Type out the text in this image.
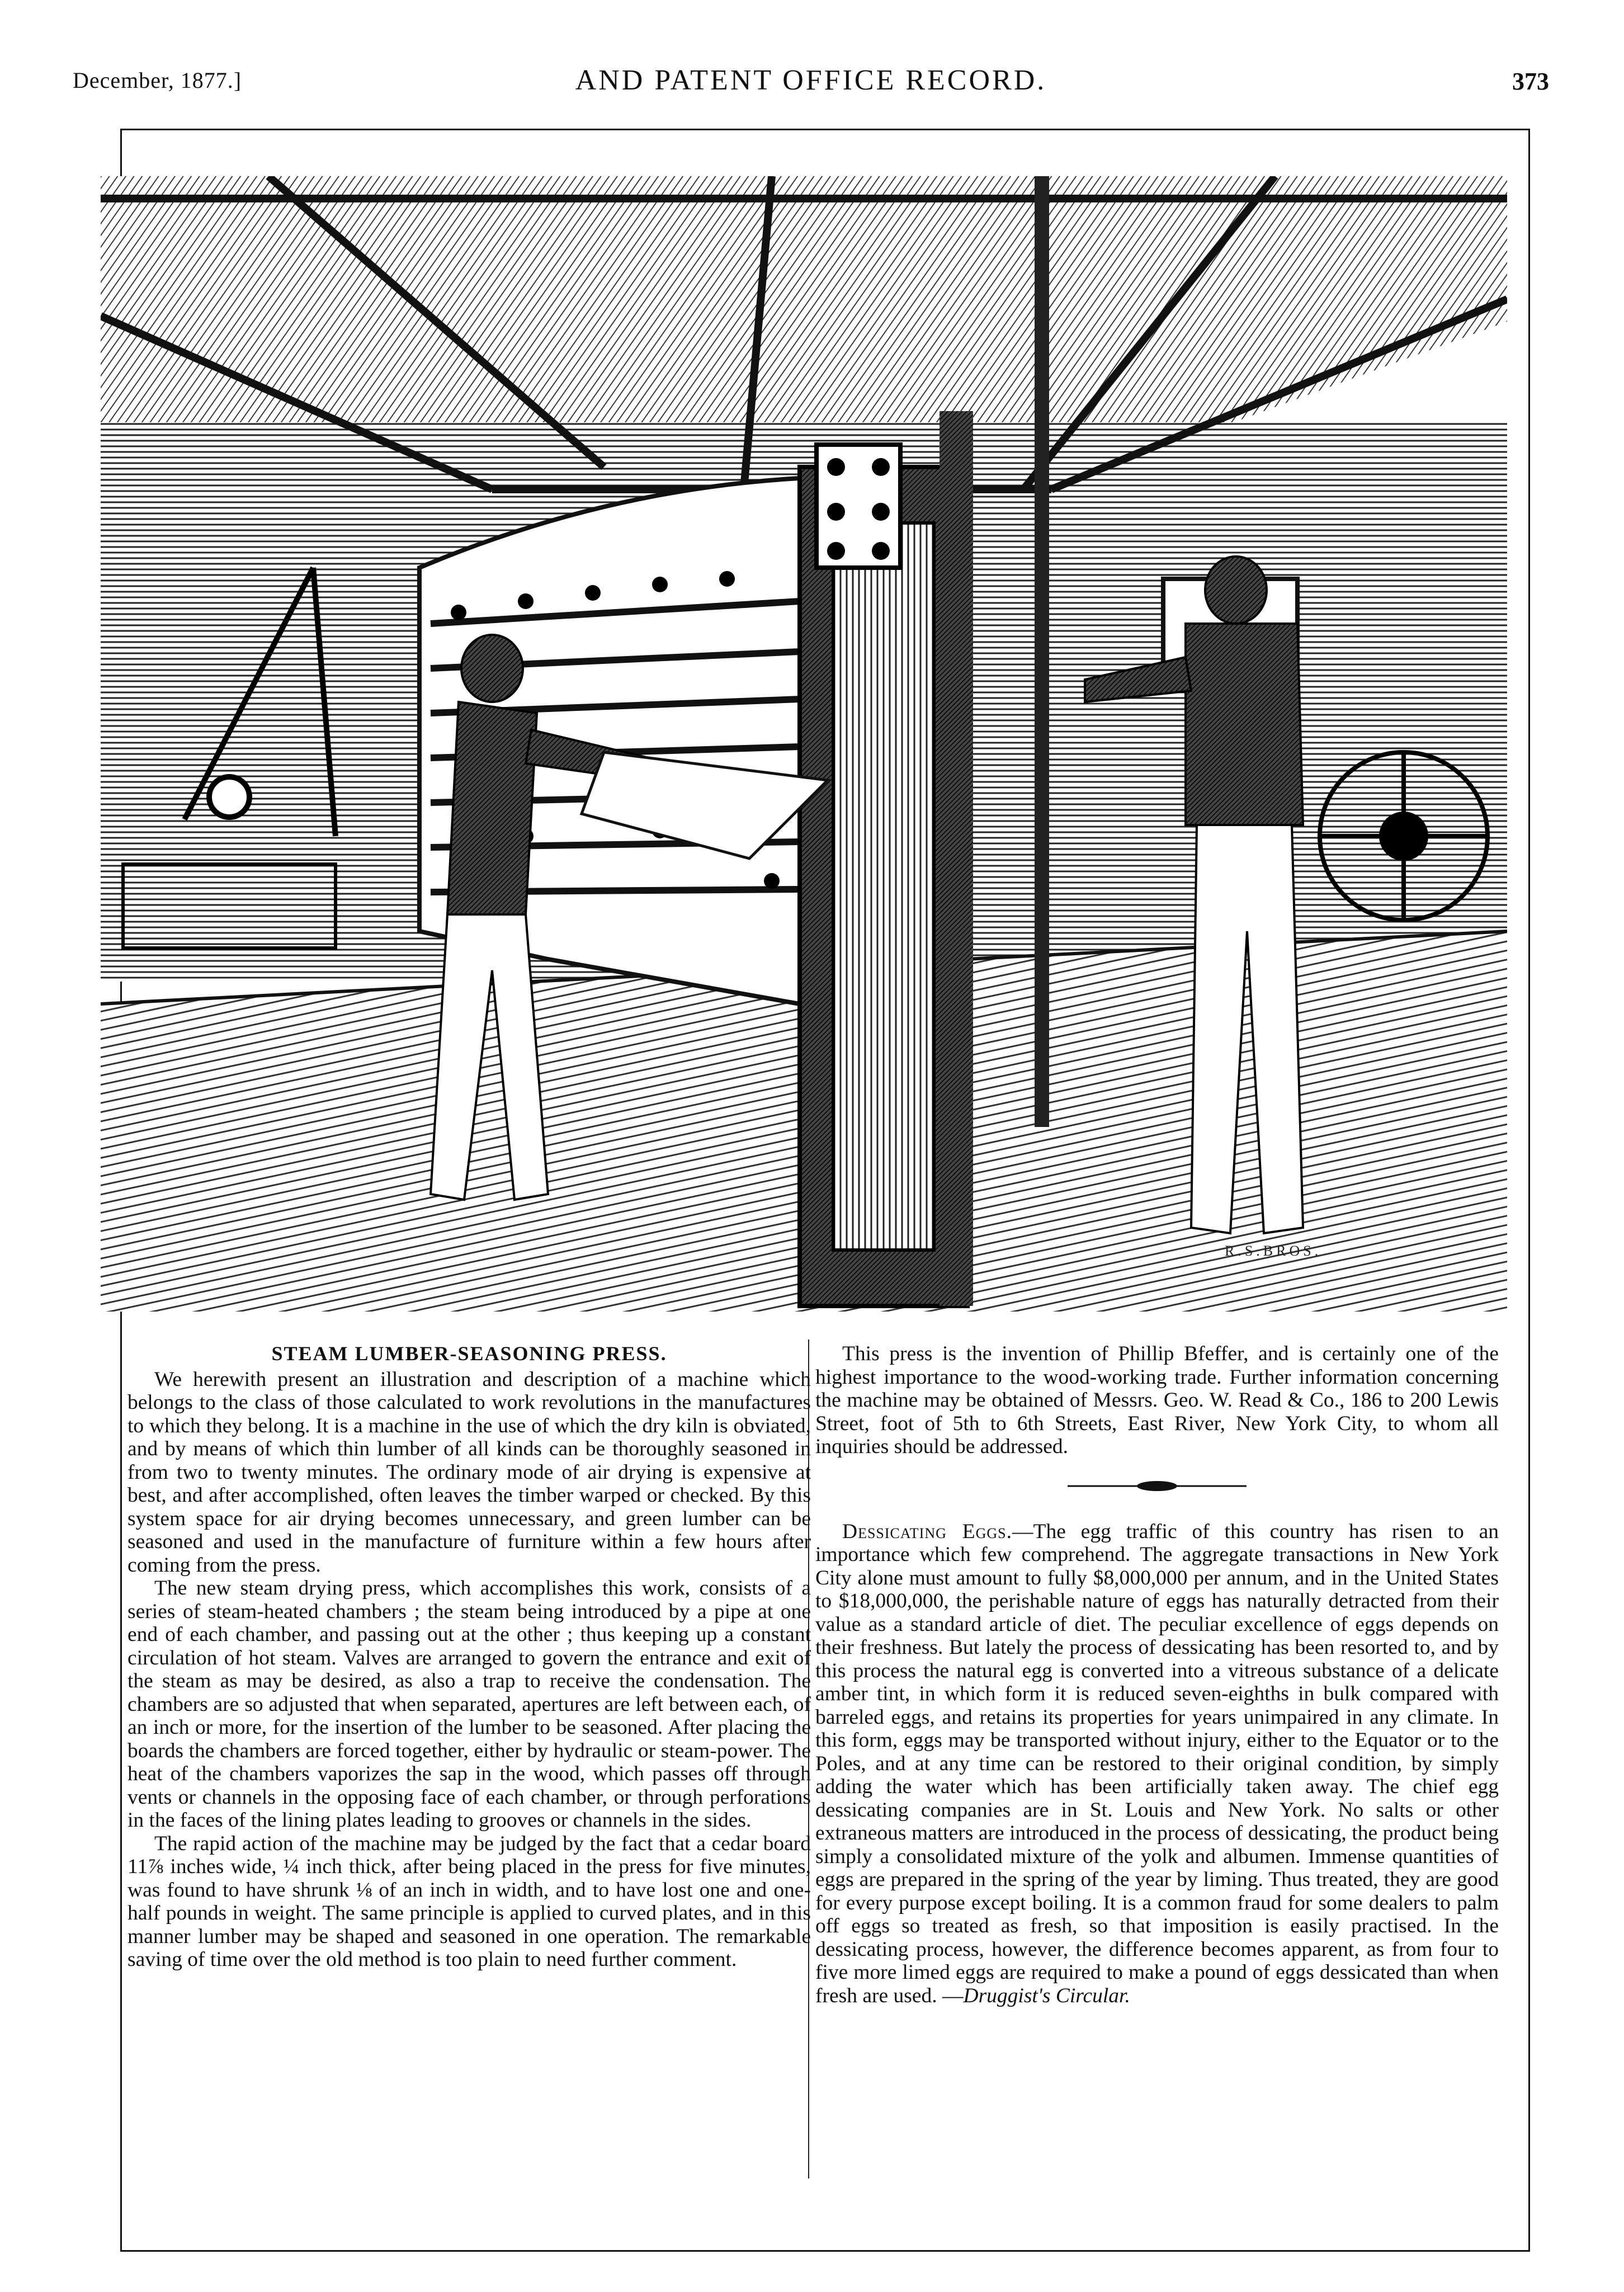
December, 1877.]	AND PATENT OFFICE RECORD.	373
R.S.BROS.
STEAM LUMBER-SEASONING PRESS.

We herewith present an illustration and description of a machine which belongs to the class of those calculated to work revolutions in the manufactures to which they belong. It is a machine in the use of which the dry kiln is obviated, and by means of which thin lumber of all kinds can be thoroughly seasoned in from two to twenty minutes. The ordinary mode of air drying is expensive at best, and after accomplished, often leaves the timber warped or checked. By this system space for air drying becomes unnecessary, and green lumber can be seasoned and used in the manufacture of furniture within a few hours after coming from the press.

The new steam drying press, which accomplishes this work, consists of a series of steam-heated chambers ; the steam being introduced by a pipe at one end of each chamber, and passing out at the other ; thus keeping up a constant circulation of hot steam. Valves are arranged to govern the entrance and exit of the steam as may be desired, as also a trap to receive the condensation. The chambers are so adjusted that when separated, apertures are left between each, of an inch or more, for the insertion of the lumber to be seasoned. After placing the boards the chambers are forced together, either by hydraulic or steam-power. The heat of the chambers vaporizes the sap in the wood, which passes off through vents or channels in the opposing face of each chamber, or through perforations in the faces of the lining plates leading to grooves or channels in the sides.

The rapid action of the machine may be judged by the fact that a cedar board 11⅞ inches wide, ¼ inch thick, after being placed in the press for five minutes, was found to have shrunk ⅛ of an inch in width, and to have lost one and one-half pounds in weight. The same principle is applied to curved plates, and in this manner lumber may be shaped and seasoned in one operation. The remarkable saving of time over the old method is too plain to need further comment.

This press is the invention of Phillip Bfeffer, and is certainly one of the highest importance to the wood-working trade. Further information concerning the machine may be obtained of Messrs. Geo. W. Read & Co., 186 to 200 Lewis Street, foot of 5th to 6th Streets, East River, New York City, to whom all inquiries should be addressed.

Dessicating Eggs.—The egg traffic of this country has risen to an importance which few comprehend. The aggregate transactions in New York City alone must amount to fully $8,000,000 per annum, and in the United States to $18,000,000, the perishable nature of eggs has naturally detracted from their value as a standard article of diet. The peculiar excellence of eggs depends on their freshness. But lately the process of dessicating has been resorted to, and by this process the natural egg is converted into a vitreous substance of a delicate amber tint, in which form it is reduced seven-eighths in bulk compared with barreled eggs, and retains its properties for years unimpaired in any climate. In this form, eggs may be transported without injury, either to the Equator or to the Poles, and at any time can be restored to their original condition, by simply adding the water which has been artificially taken away. The chief egg dessicating companies are in St. Louis and New York. No salts or other extraneous matters are introduced in the process of dessicating, the product being simply a consolidated mixture of the yolk and albumen. Immense quantities of eggs are prepared in the spring of the year by liming. Thus treated, they are good for every purpose except boiling. It is a common fraud for some dealers to palm off eggs so treated as fresh, so that imposition is easily practised. In the dessicating process, however, the difference becomes apparent, as from four to five more limed eggs are required to make a pound of eggs dessicated than when fresh are used. —Druggist's Circular.
